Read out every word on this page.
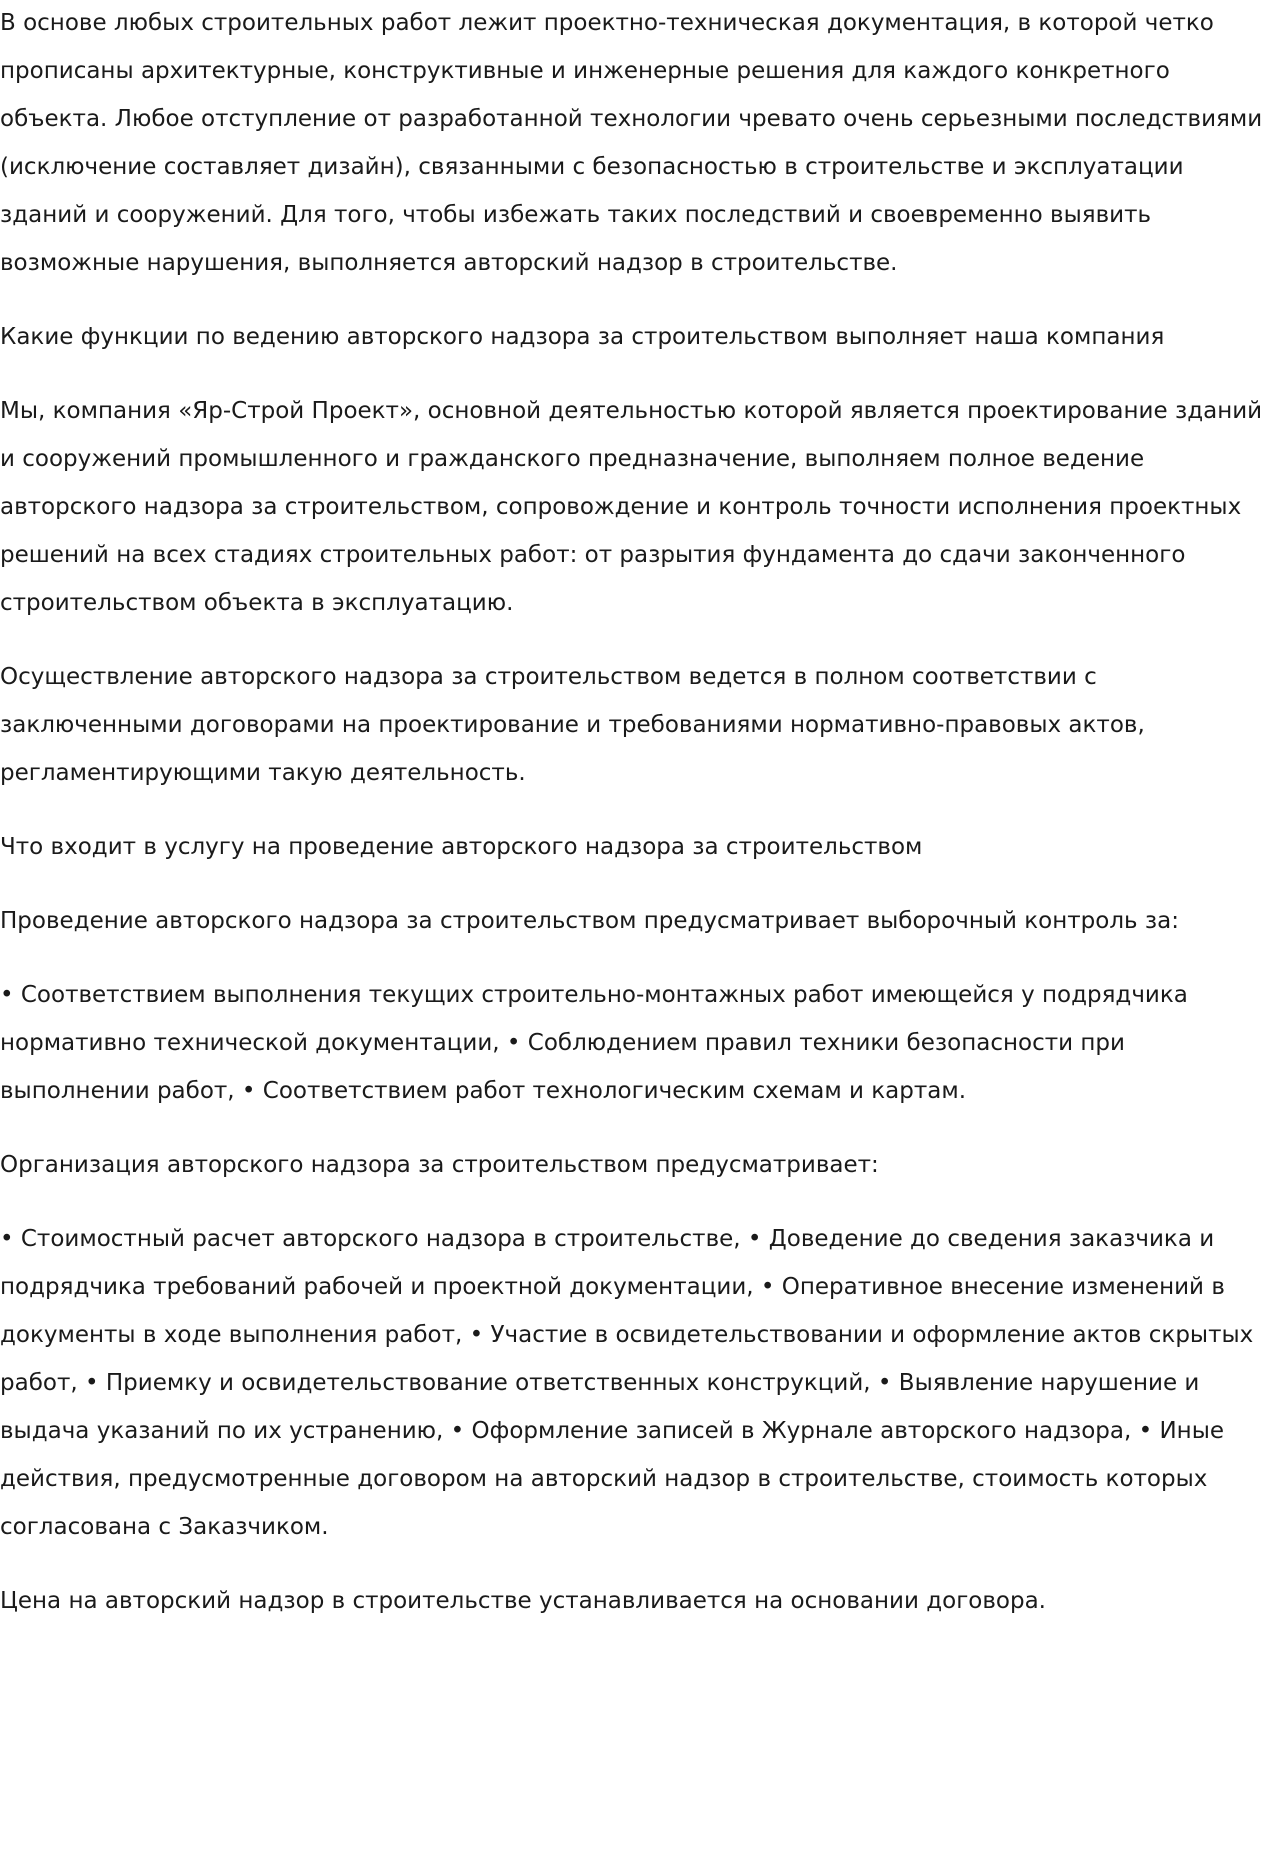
В основе любых строительных работ лежит проектно-техническая документация, в которой четко прописаны архитектурные, конструктивные и инженерные решения для каждого конкретного объекта. Любое отступление от разработанной технологии чревато очень серьезными последствиями (исключение составляет дизайн), связанными с безопасностью в строительстве и эксплуатации зданий и сооружений. Для того, чтобы избежать таких последствий и своевременно выявить возможные нарушения, выполняется авторский надзор в строительстве.

Какие функции по ведению авторского надзора за строительством выполняет наша компания

Мы, компания «Яр-Строй Проект», основной деятельностью которой является проектирование зданий и сооружений промышленного и гражданского предназначение, выполняем полное ведение авторского надзора за строительством, сопровождение и контроль точности исполнения проектных решений на всех стадиях строительных работ: от разрытия фундамента до сдачи законченного строительством объекта в эксплуатацию.

Осуществление авторского надзора за строительством ведется в полном соответствии с заключенными договорами на проектирование и требованиями нормативно-правовых актов, регламентирующими такую деятельность.

Что входит в услугу на проведение авторского надзора за строительством

Проведение авторского надзора за строительством предусматривает выборочный контроль за:

• Соответствием выполнения текущих строительно-монтажных работ имеющейся у подрядчика нормативно технической документации, • Соблюдением правил техники безопасности при выполнении работ, • Соответствием работ технологическим схемам и картам.

Организация авторского надзора за строительством предусматривает:

• Стоимостный расчет авторского надзора в строительстве, • Доведение до сведения заказчика и подрядчика требований рабочей и проектной документации, • Оперативное внесение изменений в документы в ходе выполнения работ, • Участие в освидетельствовании и оформление актов скрытых работ, • Приемку и освидетельствование ответственных конструкций, • Выявление нарушение и выдача указаний по их устранению, • Оформление записей в Журнале авторского надзора, • Иные действия, предусмотренные договором на авторский надзор в строительстве, стоимость которых согласована с Заказчиком.

Цена на авторский надзор в строительстве устанавливается на основании договора.
